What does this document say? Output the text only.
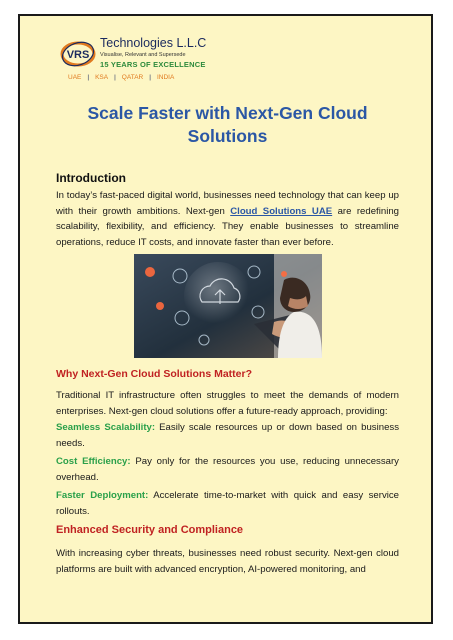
VRS
Technologies L.L.C
Visualise, Relevant and Supersede
15 YEARS OF EXCELLENCE
UAE | KSA | QATAR | INDIA
Scale Faster with Next-Gen Cloud
Solutions
Introduction
In today’s fast-paced digital world, businesses need technology that can keep up with their growth ambitions. Next-gen Cloud Solutions UAE are redefining scalability, flexibility, and efficiency. They enable businesses to streamline operations, reduce IT costs, and innovate faster than ever before.
Why Next-Gen Cloud Solutions Matter?
Traditional IT infrastructure often struggles to meet the demands of modern enterprises. Next-gen cloud solutions offer a future-ready approach, providing:
Seamless Scalability: Easily scale resources up or down based on business needs.
Cost Efficiency: Pay only for the resources you use, reducing unnecessary overhead.
Faster Deployment: Accelerate time-to-market with quick and easy service rollouts.
Enhanced Security and Compliance
With increasing cyber threats, businesses need robust security. Next-gen cloud platforms are built with advanced encryption, AI-powered monitoring, and
